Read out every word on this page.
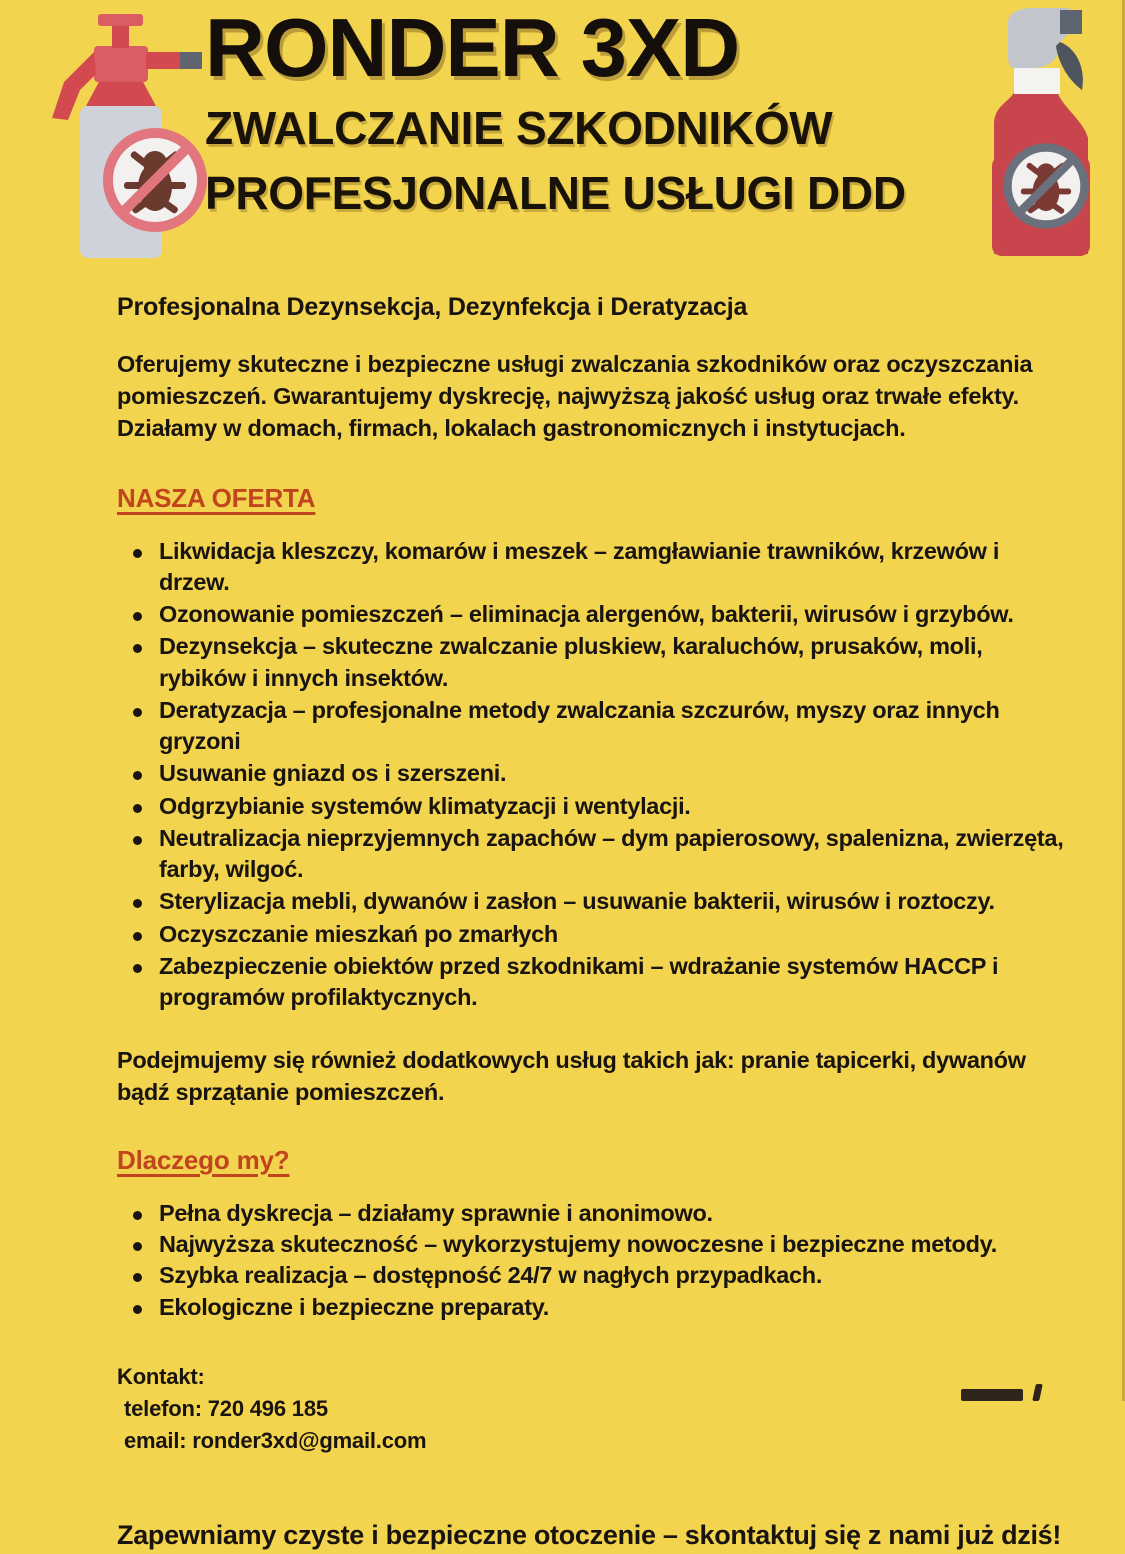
RONDER 3XD
ZWALCZANIE SZKODNIKÓW
PROFESJONALNE USŁUGI DDD
Profesjonalna Dezynsekcja, Dezynfekcja i Deratyzacja
Oferujemy skuteczne i bezpieczne usługi zwalczania szkodników oraz oczyszczania pomieszczeń. Gwarantujemy dyskrecję, najwyższą jakość usług oraz trwałe efekty. Działamy w domach, firmach, lokalach gastronomicznych i instytucjach.
NASZA OFERTA
Likwidacja kleszczy, komarów i meszek – zamgławianie trawników, krzewów i drzew.
Ozonowanie pomieszczeń – eliminacja alergenów, bakterii, wirusów i grzybów.
Dezynsekcja – skuteczne zwalczanie pluskiew, karaluchów, prusaków, moli, rybików i innych insektów.
Deratyzacja – profesjonalne metody zwalczania szczurów, myszy oraz innych gryzoni
Usuwanie gniazd os i szerszeni.
Odgrzybianie systemów klimatyzacji i wentylacji.
Neutralizacja nieprzyjemnych zapachów – dym papierosowy, spalenizna, zwierzęta, farby, wilgoć.
Sterylizacja mebli, dywanów i zasłon – usuwanie bakterii, wirusów i roztoczy.
Oczyszczanie mieszkań po zmarłych
Zabezpieczenie obiektów przed szkodnikami – wdrażanie systemów HACCP i programów profilaktycznych.
Podejmujemy się również dodatkowych usług takich jak: pranie tapicerki, dywanów bądź sprzątanie pomieszczeń.
Dlaczego my?
Pełna dyskrecja – działamy sprawnie i anonimowo.
Najwyższa skuteczność – wykorzystujemy nowoczesne i bezpieczne metody.
Szybka realizacja – dostępność 24/7 w nagłych przypadkach.
Ekologiczne i bezpieczne preparaty.
Kontakt:
telefon: 720 496 185
email: ronder3xd@gmail.com
Zapewniamy czyste i bezpieczne otoczenie – skontaktuj się z nami już dziś!
